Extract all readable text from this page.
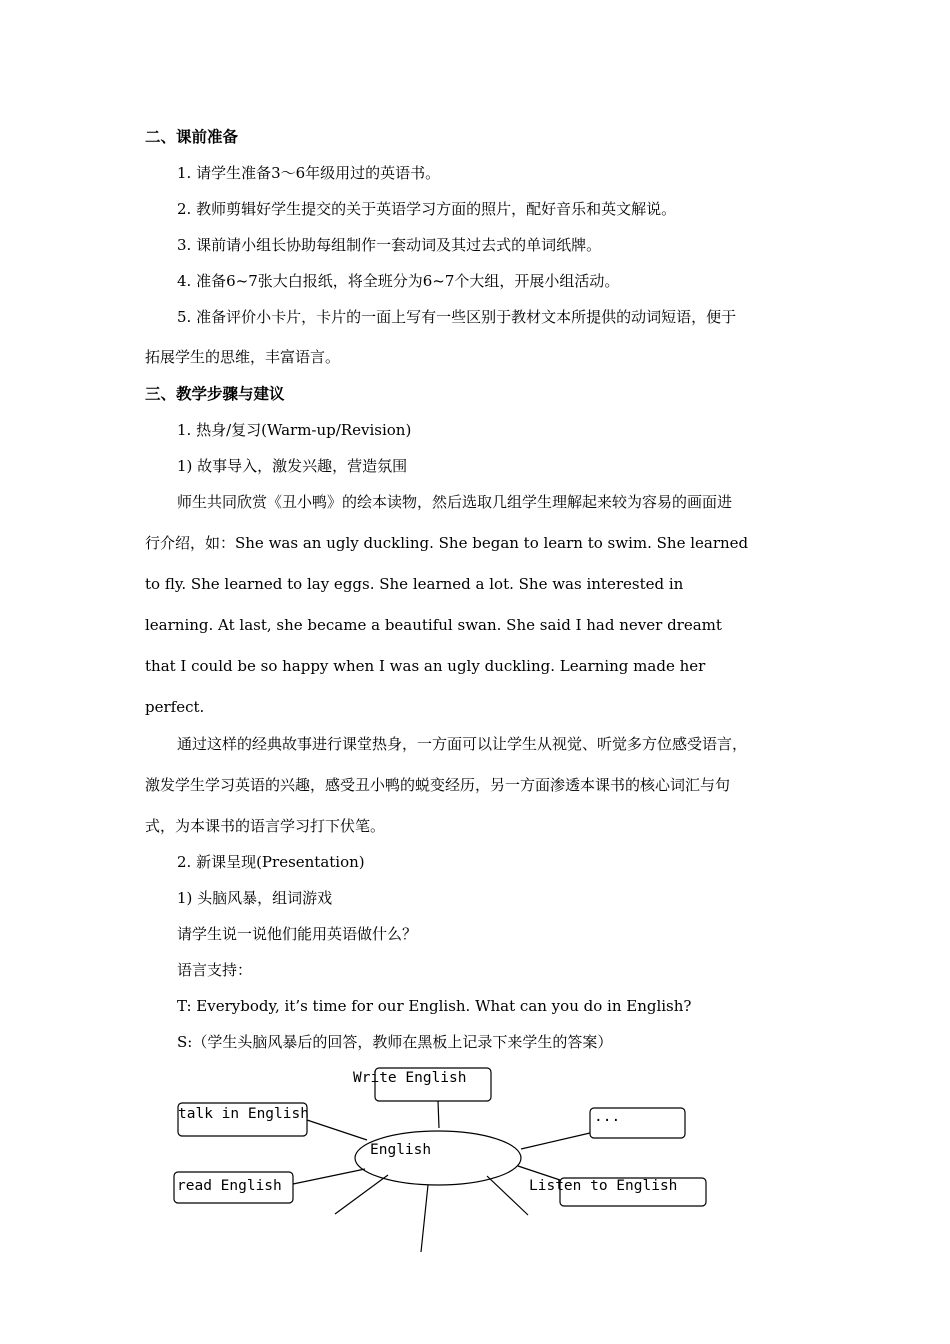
二、课前准备
1. 请学生准备3～6年级用过的英语书。
2. 教师剪辑好学生提交的关于英语学习方面的照片，配好音乐和英文解说。
3. 课前请小组长协助每组制作一套动词及其过去式的单词纸牌。
4. 准备6~7张大白报纸，将全班分为6~7个大组，开展小组活动。
5. 准备评价小卡片，卡片的一面上写有一些区别于教材文本所提供的动词短语，便于
拓展学生的思维，丰富语言。
三、教学步骤与建议
1. 热身/复习(Warm-up/Revision)
1) 故事导入，激发兴趣，营造氛围
师生共同欣赏《丑小鸭》的绘本读物，然后选取几组学生理解起来较为容易的画面进
行介绍，如：She was an ugly duckling. She began to learn to swim. She learned
to fly. She learned to lay eggs. She learned a lot. She was interested in
learning. At last, she became a beautiful swan. She said I had never dreamt
that I could be so happy when I was an ugly duckling. Learning made her
perfect.
通过这样的经典故事进行课堂热身，一方面可以让学生从视觉、听觉多方位感受语言，
激发学生学习英语的兴趣，感受丑小鸭的蜕变经历，另一方面渗透本课书的核心词汇与句
式，为本课书的语言学习打下伏笔。
2. 新课呈现(Presentation)
1) 头脑风暴，组词游戏
请学生说一说他们能用英语做什么？
语言支持：
T: Everybody, it’s time for our English. What can you do in English?
S:（学生头脑风暴后的回答，教师在黑板上记录下来学生的答案）
English
Write English
talk in English	...
read English	Listen to English
